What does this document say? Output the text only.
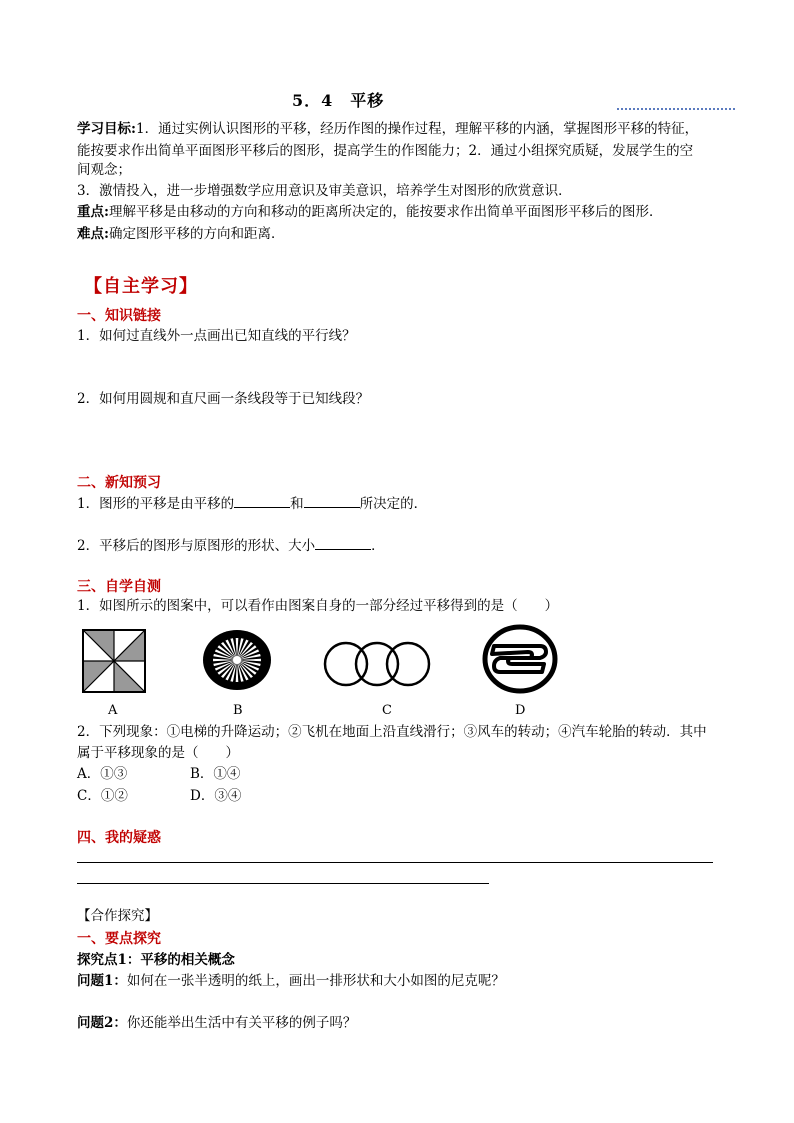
5．4　平移
学习目标:1．通过实例认识图形的平移，经历作图的操作过程，理解平移的内涵，掌握图形平移的特征，
能按要求作出简单平面图形平移后的图形，提高学生的作图能力；2．通过小组探究质疑，发展学生的空
间观念；
3．激情投入，进一步增强数学应用意识及审美意识，培养学生对图形的欣赏意识．
重点:理解平移是由移动的方向和移动的距离所决定的，能按要求作出简单平面图形平移后的图形．
难点:确定图形平移的方向和距离．
【自主学习】
一、知识链接
1．如何过直线外一点画出已知直线的平行线？
2．如何用圆规和直尺画一条线段等于已知线段？
二、新知预习
1．图形的平移是由平移的	和	所决定的．
2．平移后的图形与原图形的形状、大小	．
三、自学自测
1．如图所示的图案中，可以看作由图案自身的一部分经过平移得到的是（　　）
A	B	C	D
2．下列现象：①电梯的升降运动；②飞机在地面上沿直线滑行；③风车的转动；④汽车轮胎的转动．其中
属于平移现象的是（　　）
A．①③	B．①④
C．①②	D．③④
四、我的疑惑
【合作探究】
一、要点探究
探究点1：平移的相关概念
问题1：如何在一张半透明的纸上，画出一排形状和大小如图的尼克呢？
问题2：你还能举出生活中有关平移的例子吗？
